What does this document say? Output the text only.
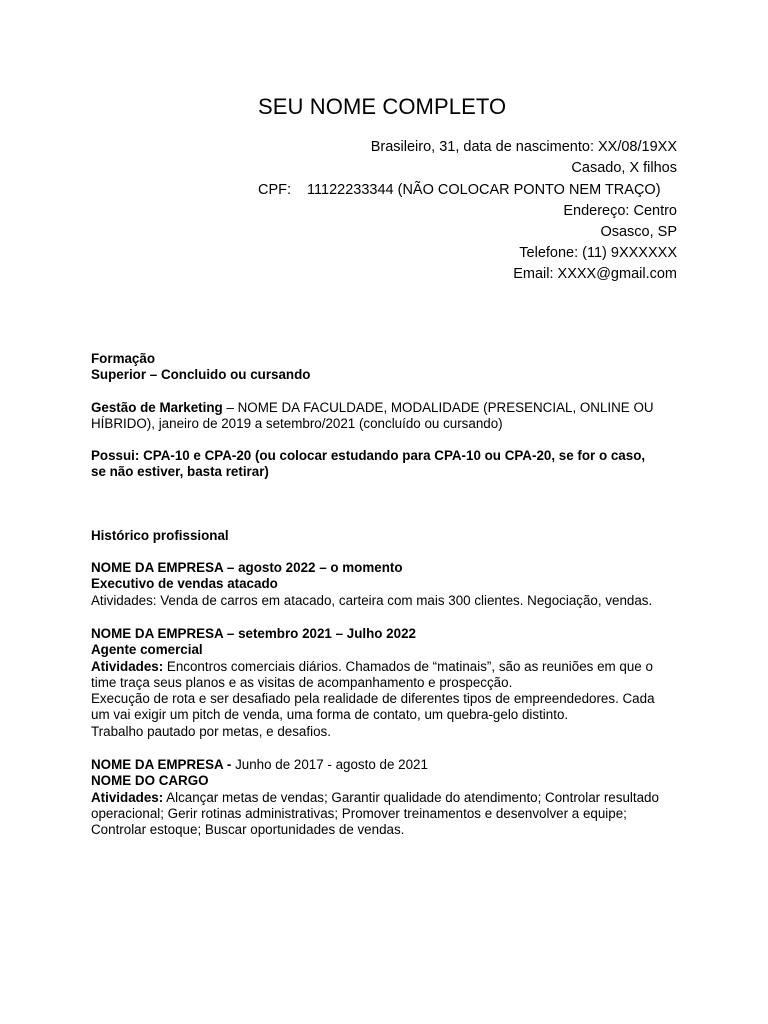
SEU NOME COMPLETO
Brasileiro, 31, data de nascimento: XX/08/19XX
Casado, X filhos
CPF: 11122233344 (NÃO COLOCAR PONTO NEM TRAÇO)
Endereço: Centro
Osasco, SP
Telefone: (11) 9XXXXXX
Email: XXXX@gmail.com
Formação
Superior – Concluido ou cursando
Gestão de Marketing – NOME DA FACULDADE, MODALIDADE (PRESENCIAL, ONLINE OU
HÍBRIDO), janeiro de 2019 a setembro/2021 (concluído ou cursando)
Possui: CPA-10 e CPA-20 (ou colocar estudando para CPA-10 ou CPA-20, se for o caso,
se não estiver, basta retirar)
Histórico profissional
NOME DA EMPRESA – agosto 2022 – o momento
Executivo de vendas atacado
Atividades: Venda de carros em atacado, carteira com mais 300 clientes. Negociação, vendas.
NOME DA EMPRESA – setembro 2021 – Julho 2022
Agente comercial
Atividades: Encontros comerciais diários. Chamados de “matinais”, são as reuniões em que o
time traça seus planos e as visitas de acompanhamento e prospecção.
Execução de rota e ser desafiado pela realidade de diferentes tipos de empreendedores. Cada
um vai exigir um pitch de venda, uma forma de contato, um quebra-gelo distinto.
Trabalho pautado por metas, e desafios.
NOME DA EMPRESA - Junho de 2017 - agosto de 2021
NOME DO CARGO
Atividades: Alcançar metas de vendas; Garantir qualidade do atendimento; Controlar resultado
operacional; Gerir rotinas administrativas; Promover treinamentos e desenvolver a equipe;
Controlar estoque; Buscar oportunidades de vendas.
